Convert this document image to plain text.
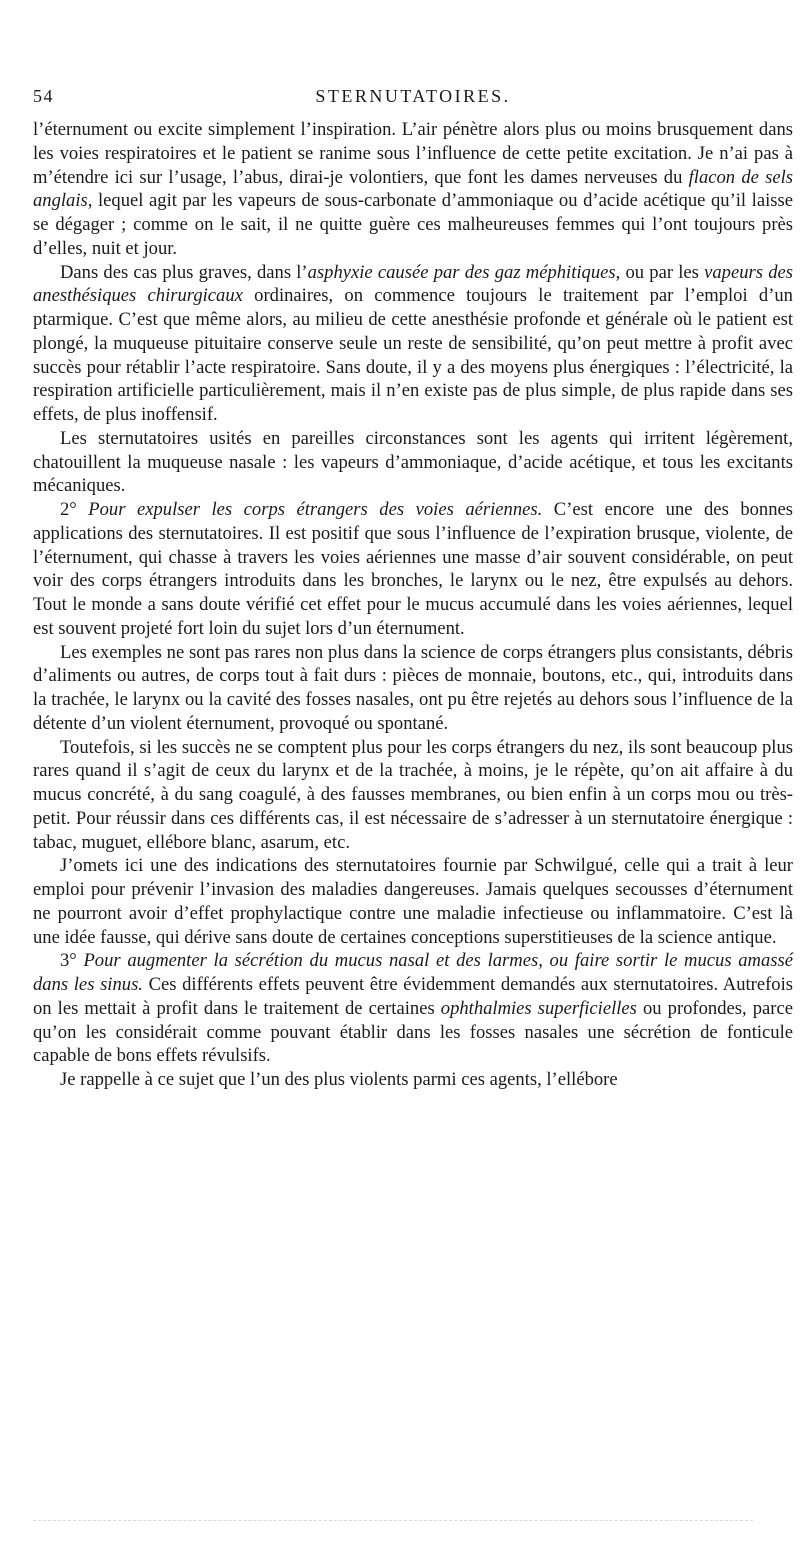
54	STERNUTATOIRES.

l’éternument ou excite simplement l’inspiration. L’air pénètre alors plus ou moins brusquement dans les voies respiratoires et le patient se ranime sous l’influence de cette petite excitation. Je n’ai pas à m’étendre ici sur l’usage, l’abus, dirai-je volontiers, que font les dames nerveuses du flacon de sels anglais, lequel agit par les vapeurs de sous-carbonate d’ammoniaque ou d’acide acétique qu’il laisse se dégager ; comme on le sait, il ne quitte guère ces malheureuses femmes qui l’ont toujours près d’elles, nuit et jour.

Dans des cas plus graves, dans l’asphyxie causée par des gaz méphitiques, ou par les vapeurs des anesthésiques chirurgicaux ordinaires, on commence toujours le traitement par l’emploi d’un ptarmique. C’est que même alors, au milieu de cette anesthésie profonde et générale où le patient est plongé, la muqueuse pituitaire conserve seule un reste de sensibilité, qu’on peut mettre à profit avec succès pour rétablir l’acte respiratoire. Sans doute, il y a des moyens plus énergiques : l’électricité, la respiration artificielle particulièrement, mais il n’en existe pas de plus simple, de plus rapide dans ses effets, de plus inoffensif.

Les sternutatoires usités en pareilles circonstances sont les agents qui irritent légèrement, chatouillent la muqueuse nasale : les vapeurs d’ammoniaque, d’acide acétique, et tous les excitants mécaniques.

2° Pour expulser les corps étrangers des voies aériennes. C’est encore une des bonnes applications des sternutatoires. Il est positif que sous l’influence de l’expiration brusque, violente, de l’éternument, qui chasse à travers les voies aériennes une masse d’air souvent considérable, on peut voir des corps étrangers introduits dans les bronches, le larynx ou le nez, être expulsés au dehors. Tout le monde a sans doute vérifié cet effet pour le mucus accumulé dans les voies aériennes, lequel est souvent projeté fort loin du sujet lors d’un éternument.

Les exemples ne sont pas rares non plus dans la science de corps étrangers plus consistants, débris d’aliments ou autres, de corps tout à fait durs : pièces de monnaie, boutons, etc., qui, introduits dans la trachée, le larynx ou la cavité des fosses nasales, ont pu être rejetés au dehors sous l’influence de la détente d’un violent éternument, provoqué ou spontané.

Toutefois, si les succès ne se comptent plus pour les corps étrangers du nez, ils sont beaucoup plus rares quand il s’agit de ceux du larynx et de la trachée, à moins, je le répète, qu’on ait affaire à du mucus concrété, à du sang coagulé, à des fausses membranes, ou bien enfin à un corps mou ou très-petit. Pour réussir dans ces différents cas, il est nécessaire de s’adresser à un sternutatoire énergique : tabac, muguet, ellébore blanc, asarum, etc.

J’omets ici une des indications des sternutatoires fournie par Schwilgué, celle qui a trait à leur emploi pour prévenir l’invasion des maladies dangereuses. Jamais quelques secousses d’éternument ne pourront avoir d’effet prophylactique contre une maladie infectieuse ou inflammatoire. C’est là une idée fausse, qui dérive sans doute de certaines conceptions superstitieuses de la science antique.

3° Pour augmenter la sécrétion du mucus nasal et des larmes, ou faire sortir le mucus amassé dans les sinus. Ces différents effets peuvent être évidemment demandés aux sternutatoires. Autrefois on les mettait à profit dans le traitement de certaines ophthalmies superficielles ou profondes, parce qu’on les considérait comme pouvant établir dans les fosses nasales une sécrétion de fonticule capable de bons effets révulsifs.

Je rappelle à ce sujet que l’un des plus violents parmi ces agents, l’ellébore
